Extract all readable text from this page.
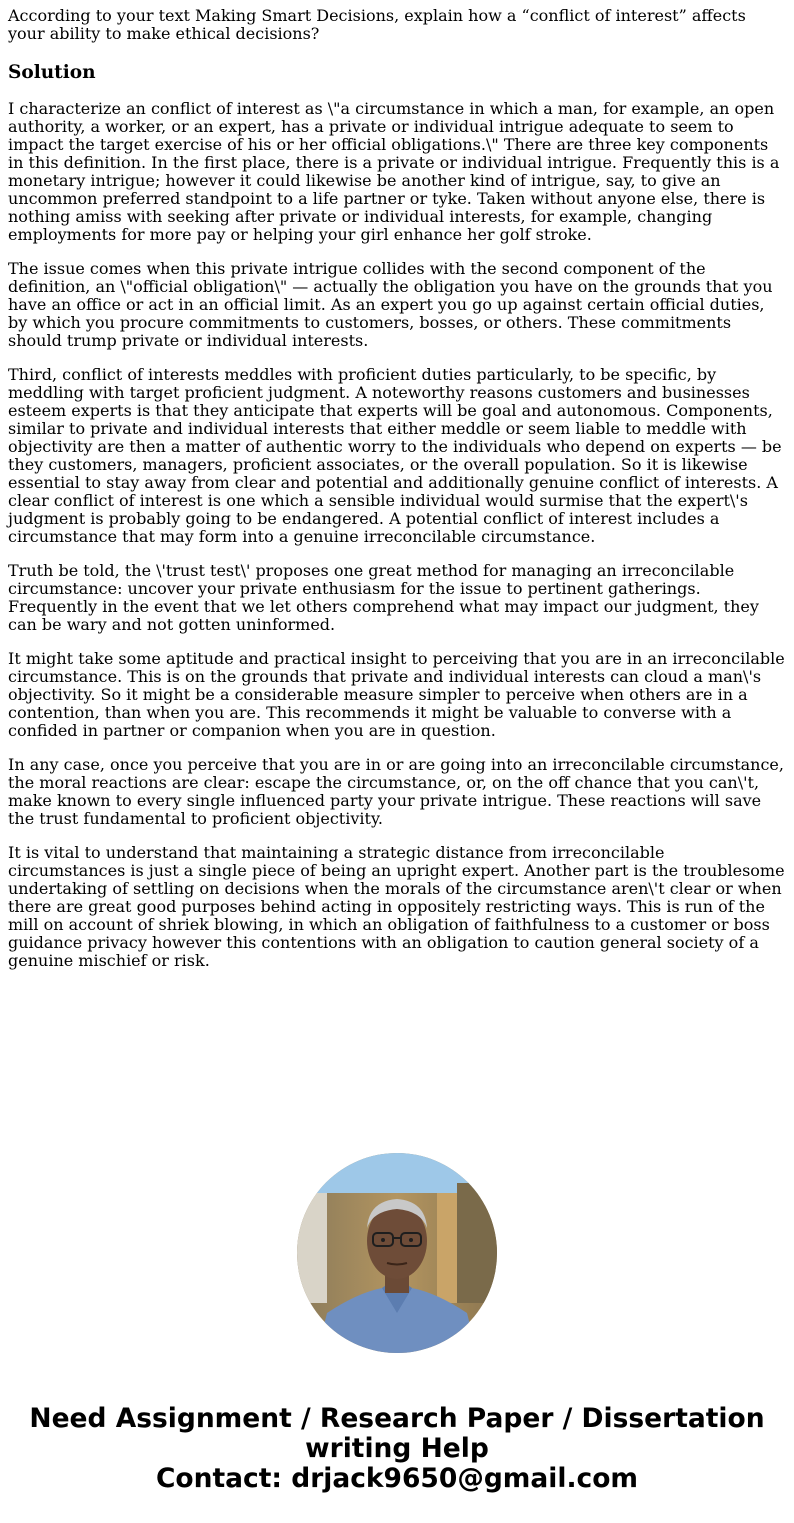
According to your text Making Smart Decisions, explain how a “conflict of interest” affects your ability to make ethical decisions?

Solution

I characterize an conflict of interest as \"a circumstance in which a man, for example, an open authority, a worker, or an expert, has a private or individual intrigue adequate to seem to impact the target exercise of his or her official obligations.\" There are three key components in this definition. In the first place, there is a private or individual intrigue. Frequently this is a monetary intrigue; however it could likewise be another kind of intrigue, say, to give an uncommon preferred standpoint to a life partner or tyke. Taken without anyone else, there is nothing amiss with seeking after private or individual interests, for example, changing employments for more pay or helping your girl enhance her golf stroke.

The issue comes when this private intrigue collides with the second component of the definition, an \"official obligation\" — actually the obligation you have on the grounds that you have an office or act in an official limit. As an expert you go up against certain official duties, by which you procure commitments to customers, bosses, or others. These commitments should trump private or individual interests.

Third, conflict of interests meddles with proficient duties particularly, to be specific, by meddling with target proficient judgment. A noteworthy reasons customers and businesses esteem experts is that they anticipate that experts will be goal and autonomous. Components, similar to private and individual interests that either meddle or seem liable to meddle with objectivity are then a matter of authentic worry to the individuals who depend on experts — be they customers, managers, proficient associates, or the overall population. So it is likewise essential to stay away from clear and potential and additionally genuine conflict of interests. A clear conflict of interest is one which a sensible individual would surmise that the expert\'s judgment is probably going to be endangered. A potential conflict of interest includes a circumstance that may form into a genuine irreconcilable circumstance.

Truth be told, the \'trust test\' proposes one great method for managing an irreconcilable circumstance: uncover your private enthusiasm for the issue to pertinent gatherings. Frequently in the event that we let others comprehend what may impact our judgment, they can be wary and not gotten uninformed.

It might take some aptitude and practical insight to perceiving that you are in an irreconcilable circumstance. This is on the grounds that private and individual interests can cloud a man\'s objectivity. So it might be a considerable measure simpler to perceive when others are in a contention, than when you are. This recommends it might be valuable to converse with a confided in partner or companion when you are in question.

In any case, once you perceive that you are in or are going into an irreconcilable circumstance, the moral reactions are clear: escape the circumstance, or, on the off chance that you can\'t, make known to every single influenced party your private intrigue. These reactions will save the trust fundamental to proficient objectivity.

It is vital to understand that maintaining a strategic distance from irreconcilable circumstances is just a single piece of being an upright expert. Another part is the troublesome undertaking of settling on decisions when the morals of the circumstance aren\'t clear or when there are great good purposes behind acting in oppositely restricting ways. This is run of the mill on account of shriek blowing, in which an obligation of faithfulness to a customer or boss guidance privacy however this contentions with an obligation to caution general society of a genuine mischief or risk.

Need Assignment / Research Paper / Dissertation
writing Help
Contact: drjack9650@gmail.com
